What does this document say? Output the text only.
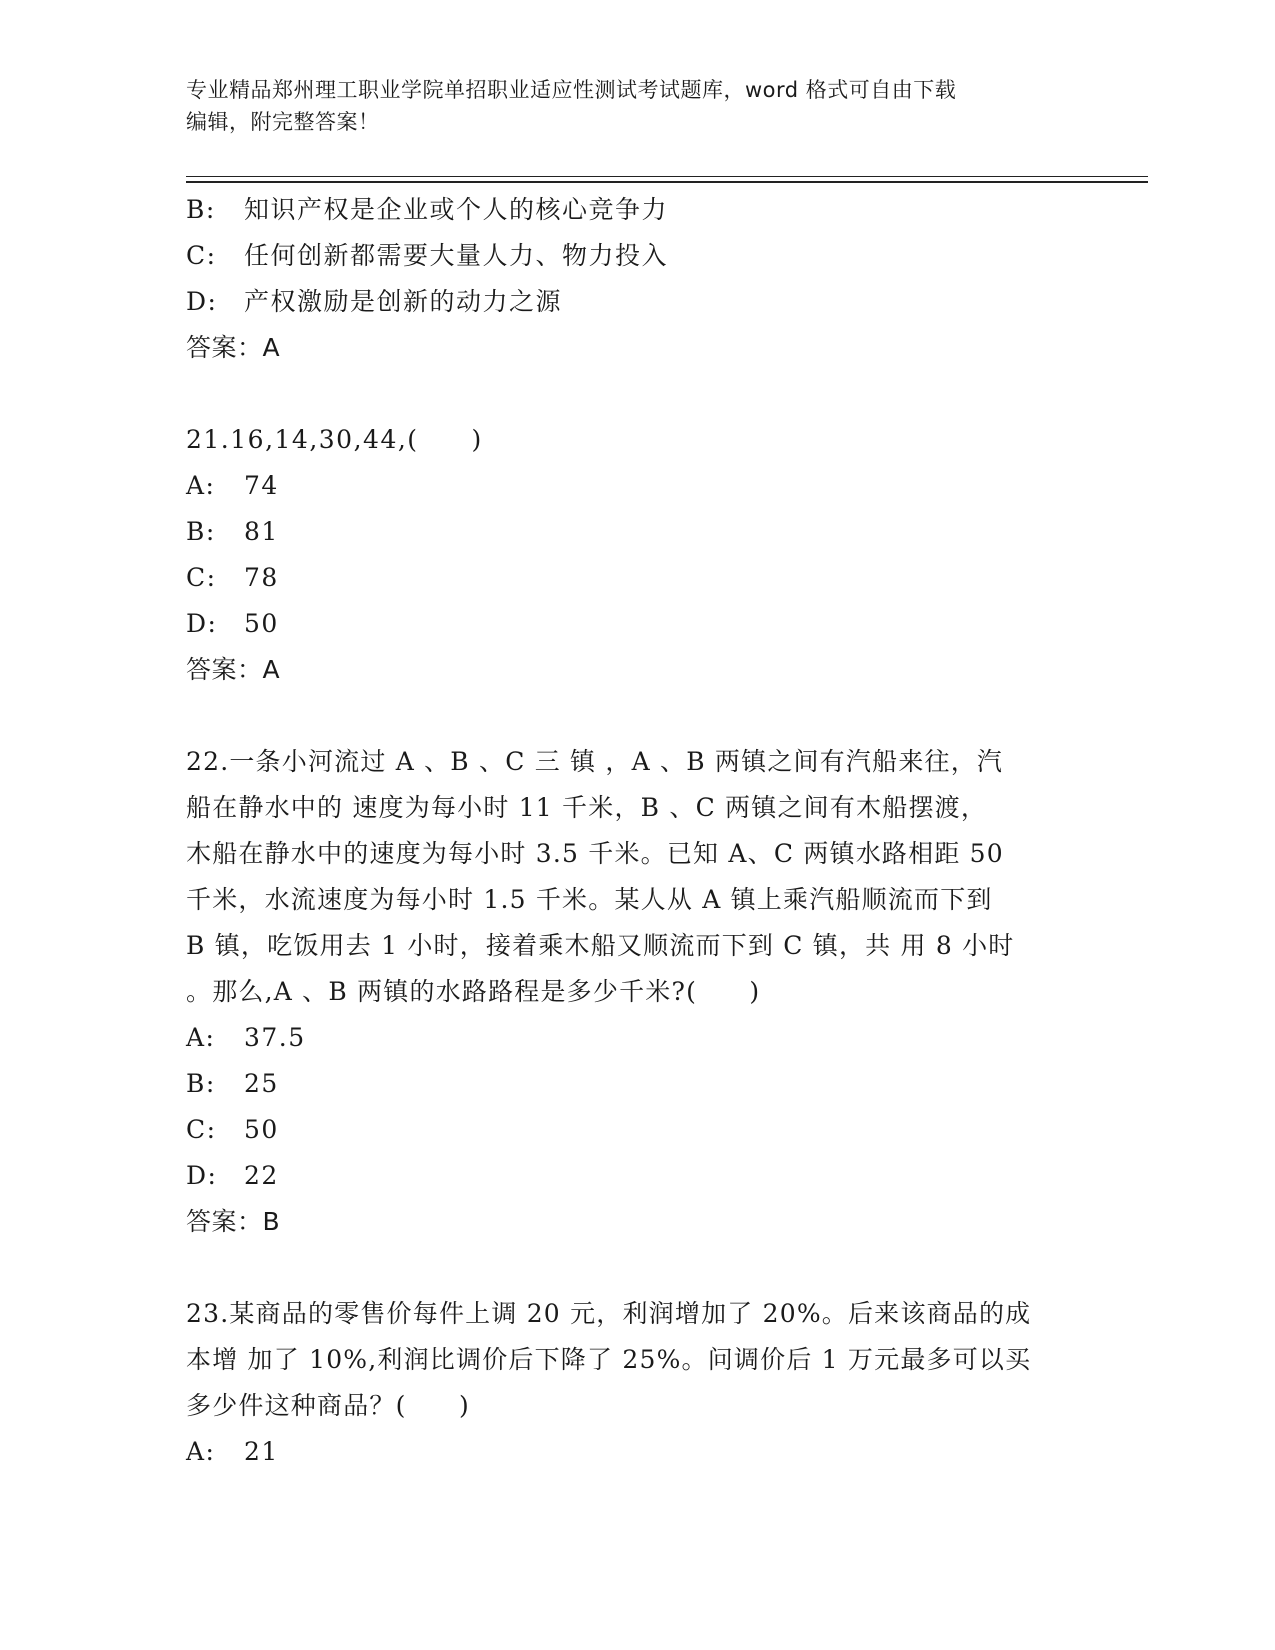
专业精品郑州理工职业学院单招职业适应性测试考试题库，word 格式可自由下载
编辑，附完整答案！
B:	知识产权是企业或个人的核心竞争力
C:	任何创新都需要大量人力、物力投入
D:	产权激励是创新的动力之源
答案：A
21.16,14,30,44,(　　)
A:	74
B:	81
C:	78
D:	50
答案：A
22.一条小河流过 A 、B 、C 三 镇 ，A 、B 两镇之间有汽船来往，汽
船在静水中的 速度为每小时 11 千米，B 、C 两镇之间有木船摆渡，
木船在静水中的速度为每小时 3.5 千米。已知 A、C 两镇水路相距 50
千米，水流速度为每小时 1.5 千米。某人从 A 镇上乘汽船顺流而下到
B 镇，吃饭用去 1 小时，接着乘木船又顺流而下到 C 镇，共 用 8 小时
。那么,A 、B 两镇的水路路程是多少千米?(　　)
A:	37.5
B:	25
C:	50
D:	22
答案：B
23.某商品的零售价每件上调 20 元，利润增加了 20%。后来该商品的成
本增 加了 10%,利润比调价后下降了 25%。问调价后 1 万元最多可以买
多少件这种商品？(　　)
A:	21
